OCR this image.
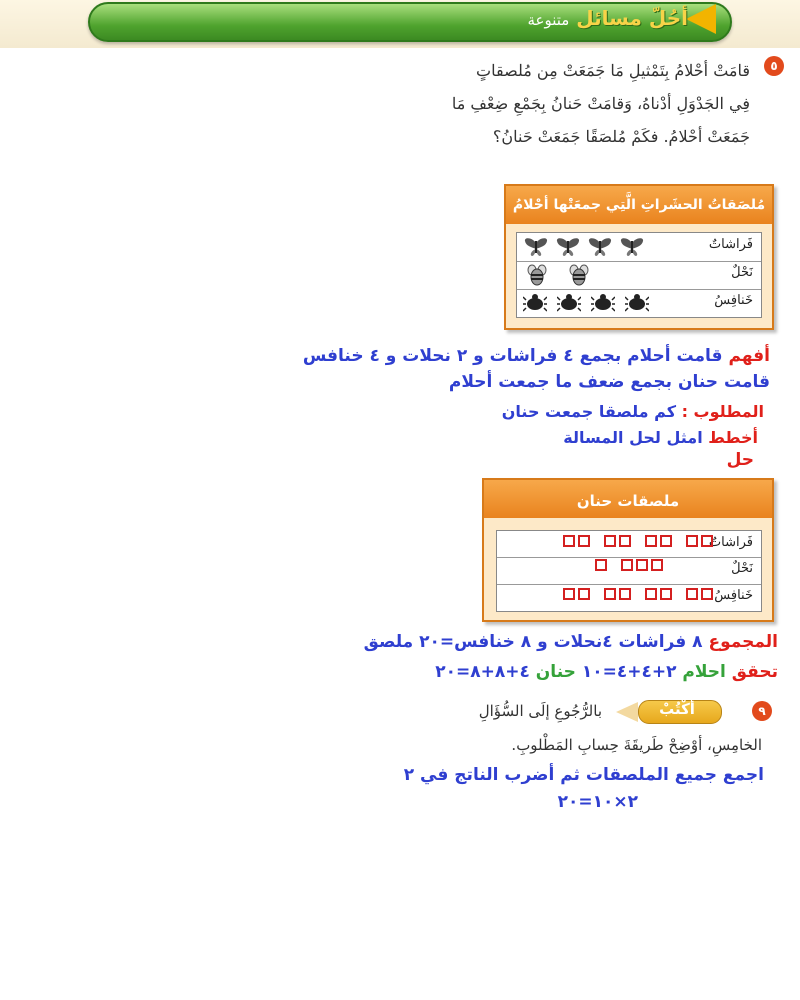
أحُلّ مسائل متنوعة
٥
قامَتْ أحْلامُ بِتَمْثيلِ مَا جَمَعَتْ مِن مُلصقاتٍ فِي الجَدْوَلِ أدْناهُ، وَقامَتْ حَنانُ بِجَمْعِ ضِعْفِ مَا جَمَعَتْ أحْلامُ. فكَمْ مُلصَقًا جَمَعَتْ حَنانُ؟
مُلصَقاتُ الحشَراتِ الَّتِي جمعَتْها أحْلامُ
فَراشاتٌ
نَحْلٌ
خَنافِسُ
أفهم قامت أحلام بجمع ٤ فراشات و ٢ نحلات و ٤ خنافس
قامت حنان بجمع ضعف ما جمعت أحلام
المطلوب : كم ملصقا جمعت حنان
أخطط امثل لحل المسالة
حل
ملصقات حنان
فَراشاتٌ
نَحْلٌ
خَنافِسُ
المجموع ٨ فراشات ٤نحلات و ٨ خنافس=٢٠ ملصق
تحقق احلام ٢+٤+٤=١٠ حنان ٤+٨+٨=٢٠
٩
أكْتُبْ
بالرُّجُوعِ إلَى السُّؤَالِ
الخامِسِ، أوْضِحْ طَريقَةَ حِسابِ المَطْلوبِ.
اجمع جميع الملصقات ثم أضرب الناتج في ٢
٢×١٠=٢٠
